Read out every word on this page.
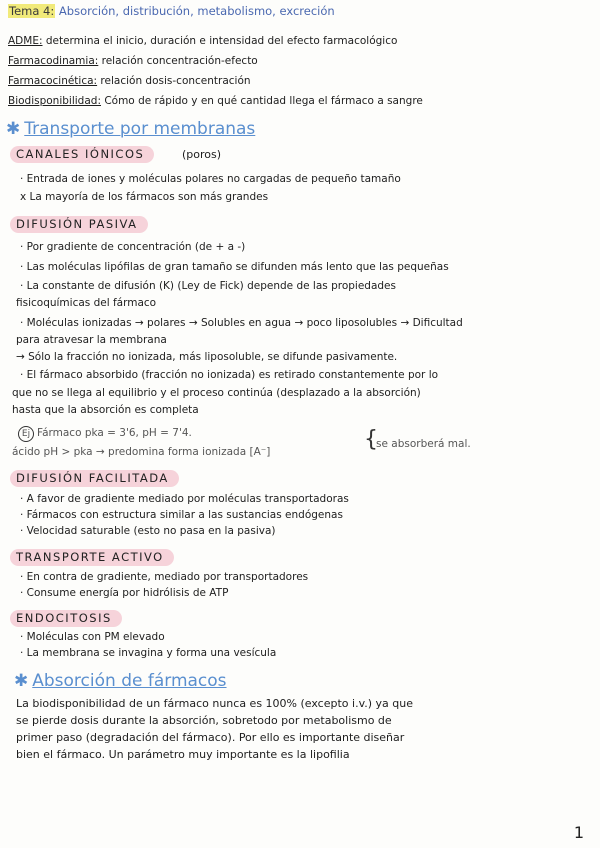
Tema 4: Absorción, distribución, metabolismo, excreción
ADME: determina el inicio, duración e intensidad del efecto farmacológico
Farmacodinamia: relación concentración-efecto
Farmacocinética: relación dosis-concentración
Biodisponibilidad: Cómo de rápido y en qué cantidad llega el fármaco a sangre
✱ Transporte por membranas
CANALES IÓNICOS	(poros)
· Entrada de iones y moléculas polares no cargadas de pequeño tamaño
x La mayoría de los fármacos son más grandes
DIFUSIÓN PASIVA
· Por gradiente de concentración (de + a -)
· Las moléculas lipófilas de gran tamaño se difunden más lento que las pequeñas
· La constante de difusión (K) (Ley de Fick) depende de las propiedades
fisicoquímicas del fármaco
· Moléculas ionizadas → polares → Solubles en agua → poco liposolubles → Dificultad
para atravesar la membrana
→ Sólo la fracción no ionizada, más liposoluble, se difunde pasivamente.
· El fármaco absorbido (fracción no ionizada) es retirado constantemente por lo
que no se llega al equilibrio y el proceso continúa (desplazado a la absorción)
hasta que la absorción es completa
Ej Fármaco pka = 3'6, pH = 7'4.
ácido pH > pka → predomina forma ionizada [A⁻]	{
se absorberá mal.
DIFUSIÓN FACILITADA
· A favor de gradiente mediado por moléculas transportadoras
· Fármacos con estructura similar a las sustancias endógenas
· Velocidad saturable (esto no pasa en la pasiva)
TRANSPORTE ACTIVO
· En contra de gradiente, mediado por transportadores
· Consume energía por hidrólisis de ATP
ENDOCITOSIS
· Moléculas con PM elevado
· La membrana se invagina y forma una vesícula
✱ Absorción de fármacos
La biodisponibilidad de un fármaco nunca es 100% (excepto i.v.) ya que
se pierde dosis durante la absorción, sobretodo por metabolismo de
primer paso (degradación del fármaco). Por ello es importante diseñar
bien el fármaco. Un parámetro muy importante es la lipofilia
1
